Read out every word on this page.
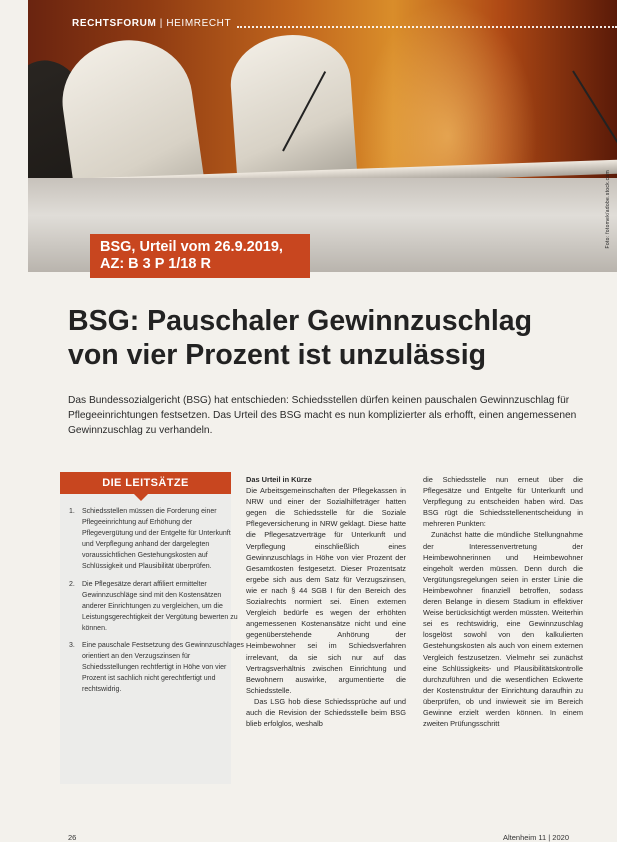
Foto: fotomek/adobe.stock.com
RECHTSFORUM | HEIMRECHT
BSG, Urteil vom 26.9.2019,
AZ: B 3 P 1/18 R
BSG: Pauschaler Gewinnzuschlag
von vier Prozent ist unzulässig
Das Bundessozialgericht (BSG) hat entschieden: Schiedsstellen dürfen keinen pauschalen Gewinnzuschlag für Pflegeeinrichtungen festsetzen. Das Urteil des BSG macht es nun komplizierter als erhofft, einen angemessenen Gewinnzuschlag zu verhandeln.
DIE LEITSÄTZE
1. Schiedsstellen müssen die Forderung einer Pflegeeinrichtung auf Erhöhung der Pflegevergütung und der Entgelte für Unterkunft und Verpflegung anhand der dargelegten voraussichtlichen Gestehungskosten auf Schlüssigkeit und Plausibilität überprüfen.
2. Die Pflegesätze derart affiliert ermittelter Gewinnzuschläge sind mit den Kostensätzen anderer Einrichtungen zu vergleichen, um die Leistungsgerechtigkeit der Vergütung bewerten zu können.
3. Eine pauschale Festsetzung des Gewinnzuschlages orientiert an den Verzugszinsen für Schiedsstellungen rechtfertigt in Höhe von vier Prozent ist sachlich nicht gerechtfertigt und rechtswidrig.

Das Urteil in Kürze

Die Arbeitsgemeinschaften der Pflegekassen in NRW und einer der Sozialhilfeträger hatten gegen die Schiedsstelle für die Soziale Pflegeversicherung in NRW geklagt. Diese hatte die Pflegesatzverträge für Unterkunft und Verpflegung einschließlich eines Gewinnzuschlags in Höhe von vier Prozent der Gesamtkosten festgesetzt. Dieser Prozentsatz ergebe sich aus dem Satz für Verzugszinsen, wie er nach § 44 SGB I für den Bereich des Sozialrechts normiert sei. Einen externen Vergleich bedürfe es wegen der erhöhten angemessenen Kostenansätze nicht und eine gegenüberstehende Anhörung der Heimbewohner sei im Schiedsverfahren irrelevant, da sie sich nur auf das Vertragsverhältnis zwischen Einrichtung und Bewohnern auswirke, argumentierte die Schiedsstelle.

Das LSG hob diese Schiedssprüche auf und auch die Revision der Schiedsstelle beim BSG blieb erfolglos, weshalb

die Schiedsstelle nun erneut über die Pflegesätze und Entgelte für Unterkunft und Verpflegung zu entscheiden haben wird. Das BSG rügt die Schiedsstellenentscheidung in mehreren Punkten:

Zunächst hatte die mündliche Stellungnahme der Interessenvertretung der Heimbewohnerinnen und Heimbewohner eingeholt werden müssen. Denn durch die Vergütungsregelungen seien in erster Linie die Heimbewohner finanziell betroffen, sodass deren Belange in diesem Stadium in effektiver Weise berücksichtigt werden müssten. Weiterhin sei es rechtswidrig, eine Gewinnzuschlag losgelöst sowohl von den kalkulierten Gestehungskosten als auch von einem externen Vergleich festzusetzen. Vielmehr sei zunächst eine Schlüssigkeits- und Plausibilitätskontrolle durchzuführen und die wesentlichen Eckwerte der Kostenstruktur der Einrichtung daraufhin zu überprüfen, ob und inwieweit sie im Bereich Gewinne erzielt werden können. In einem zweiten Prüfungsschritt

26	Altenheim 11 | 2020
